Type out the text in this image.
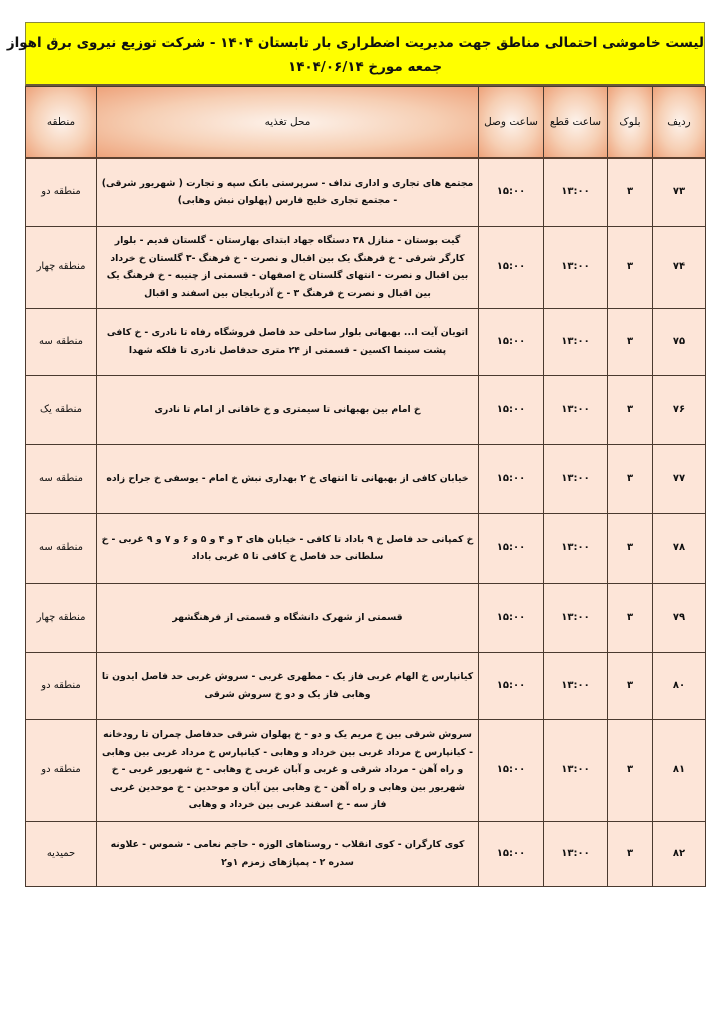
لیست خاموشی احتمالی مناطق جهت مدیریت اضطراری بار تابستان ۱۴۰۴ - شرکت توزیع نیروی برق اهواز
جمعه مورخ ۱۴۰۴/۰۶/۱۴
ردیف	بلوک	ساعت قطع	ساعت وصل	محل تغذیه	منطقه
۷۳	۳	۱۳:۰۰	۱۵:۰۰	مجتمع های تجاری و اداری نداف - سرپرستی بانک سپه و تجارت ( شهریور شرقی) - مجتمع تجاری خلیج فارس (پهلوان نبش وهابی)	منطقه دو
۷۴	۳	۱۳:۰۰	۱۵:۰۰	گیت بوستان - منازل ۳۸ دستگاه جهاد ابتدای بهارستان - گلستان قدیم - بلوار کارگر شرقی - خ فرهنگ یک بین اقبال و نصرت - خ فرهنگ -۳ گلستان خ خرداد بین اقبال و نصرت - انتهای گلستان خ اصفهان - قسمتی از چنیبه - خ فرهنگ یک بین اقبال و نصرت خ فرهنگ ۳ - خ آذربایجان بین اسفند و اقبال	منطقه چهار
۷۵	۳	۱۳:۰۰	۱۵:۰۰	اتوبان آیت ا... بهبهانی بلوار ساحلی حد فاصل فروشگاه رفاه تا نادری - خ کافی پشت سینما اکسین - قسمتی از ۲۴ متری حدفاصل نادری تا فلکه شهدا	منطقه سه
۷۶	۳	۱۳:۰۰	۱۵:۰۰	خ امام بین بهبهانی تا سیمتری و خ خاقانی از امام تا نادری	منطقه یک
۷۷	۳	۱۳:۰۰	۱۵:۰۰	خیابان کافی از بهبهانی تا انتهای خ ۲ بهداری نبش خ امام - یوسفی خ جراح زاده	منطقه سه
۷۸	۳	۱۳:۰۰	۱۵:۰۰	خ کمپانی حد فاصل خ ۹ باداد تا کافی - خیابان های ۳ و ۴ و ۵ و ۶ و ۷ و ۹ غربی - خ سلطانی حد فاصل خ کافی تا ۵ غربی باداد	منطقه سه
۷۹	۳	۱۳:۰۰	۱۵:۰۰	قسمتی از شهرک دانشگاه و قسمتی از فرهنگشهر	منطقه چهار
۸۰	۳	۱۳:۰۰	۱۵:۰۰	کیانپارس خ الهام غربی فاز یک - مطهری غربی - سروش غربی حد فاصل ایدون تا وهابی فاز یک و دو خ سروش شرقی	منطقه دو
۸۱	۳	۱۳:۰۰	۱۵:۰۰	سروش شرقی بین خ مریم یک و دو - خ پهلوان شرقی حدفاصل چمران تا رودخانه - کیانپارس خ مرداد غربی بین خرداد و وهابی - کیانپارس خ مرداد غربی بین وهابی و راه آهن - مرداد شرقی و غربی و آبان غربی خ وهابی - خ شهریور غربی - خ شهریور بین وهابی و راه آهن - خ وهابی بین آبان و موحدین - خ موحدین غربی فاز سه - خ اسفند غربی بین خرداد و وهابی	منطقه دو
۸۲	۳	۱۳:۰۰	۱۵:۰۰	کوی کارگران - کوی انقلاب - روستاهای الوزه - حاجم نعامی - شموس - علاونه سدره ۲ - پمپاژهای زمزم ۱و۲	حمیدیه
